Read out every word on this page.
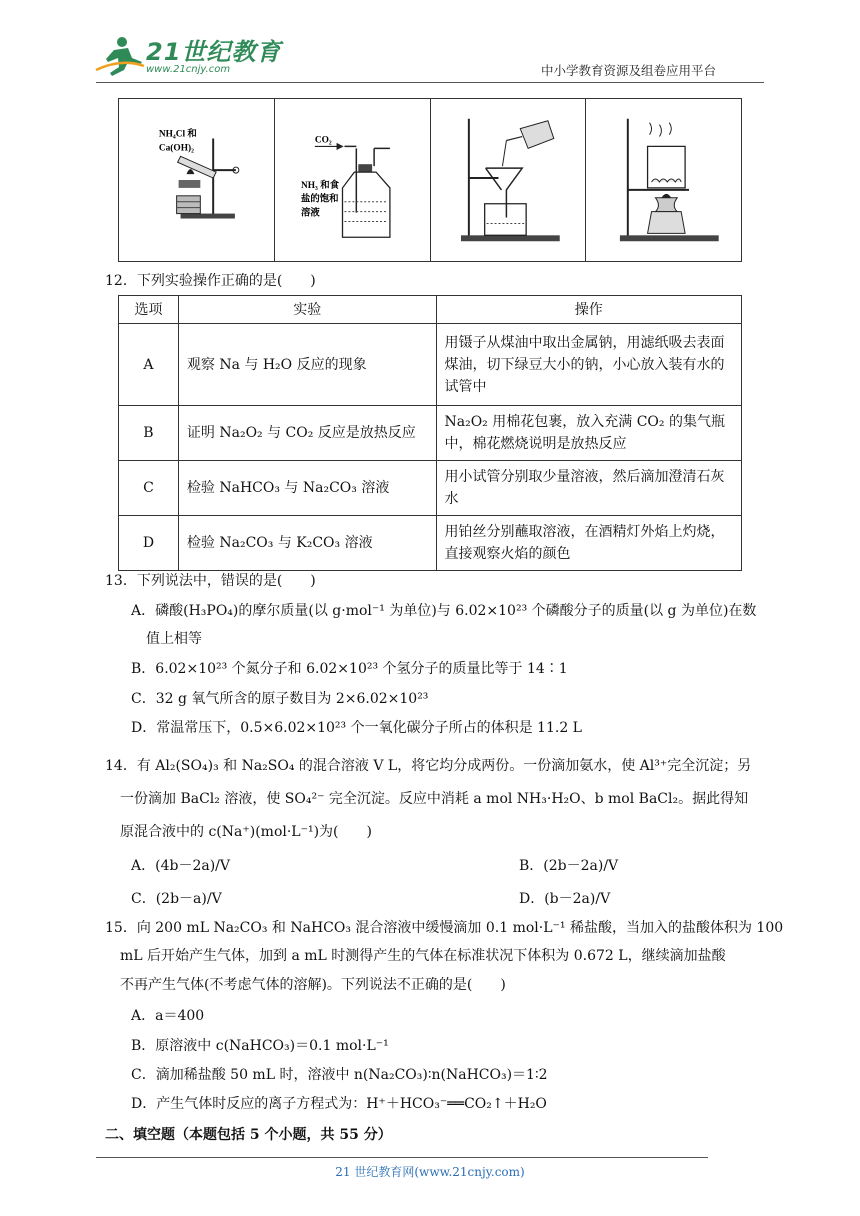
21世纪教育
www.21cnjy.com	中小学教育资源及组卷应用平台
NH₄Cl 和
Ca(OH)₂
CO₂
NH₃ 和食
盐的饱和
溶液
12．下列实验操作正确的是(　　)
选项	实验	操作
A	观察 Na 与 H₂O 反应的现象	用镊子从煤油中取出金属钠，用滤纸吸去表面煤油，切下绿豆大小的钠，小心放入装有水的试管中
B	证明 Na₂O₂ 与 CO₂ 反应是放热反应	Na₂O₂ 用棉花包裹，放入充满 CO₂ 的集气瓶中，棉花燃烧说明是放热反应
C	检验 NaHCO₃ 与 Na₂CO₃ 溶液	用小试管分别取少量溶液，然后滴加澄清石灰水
D	检验 Na₂CO₃ 与 K₂CO₃ 溶液	用铂丝分别蘸取溶液，在酒精灯外焰上灼烧，直接观察火焰的颜色
13．下列说法中，错误的是(　　)
A．磷酸(H₃PO₄)的摩尔质量(以 g·mol⁻¹ 为单位)与 6.02×10²³ 个磷酸分子的质量(以 g 为单位)在数
值上相等
B．6.02×10²³ 个氮分子和 6.02×10²³ 个氢分子的质量比等于 14∶1
C．32 g 氧气所含的原子数目为 2×6.02×10²³
D．常温常压下，0.5×6.02×10²³ 个一氧化碳分子所占的体积是 11.2 L
14．有 Al₂(SO₄)₃ 和 Na₂SO₄ 的混合溶液 V L，将它均分成两份。一份滴加氨水，使 Al³⁺完全沉淀；另
一份滴加 BaCl₂ 溶液，使 SO₄²⁻ 完全沉淀。反应中消耗 a mol NH₃·H₂O、b mol BaCl₂。据此得知
原混合液中的 c(Na⁺)(mol·L⁻¹)为(　　)
A．(4b－2a)/V	B．(2b－2a)/V
C．(2b－a)/V	D．(b－2a)/V
15．向 200 mL Na₂CO₃ 和 NaHCO₃ 混合溶液中缓慢滴加 0.1 mol·L⁻¹ 稀盐酸，当加入的盐酸体积为 100
mL 后开始产生气体，加到 a mL 时测得产生的气体在标准状况下体积为 0.672 L，继续滴加盐酸
不再产生气体(不考虑气体的溶解)。下列说法不正确的是(　　)
A．a＝400
B．原溶液中 c(NaHCO₃)＝0.1 mol·L⁻¹
C．滴加稀盐酸 50 mL 时，溶液中 n(Na₂CO₃)∶n(NaHCO₃)＝1∶2
D．产生气体时反应的离子方程式为：H⁺＋HCO₃⁻══CO₂↑＋H₂O
二、填空题（本题包括 5 个小题，共 55 分）
21 世纪教育网(www.21cnjy.com)
